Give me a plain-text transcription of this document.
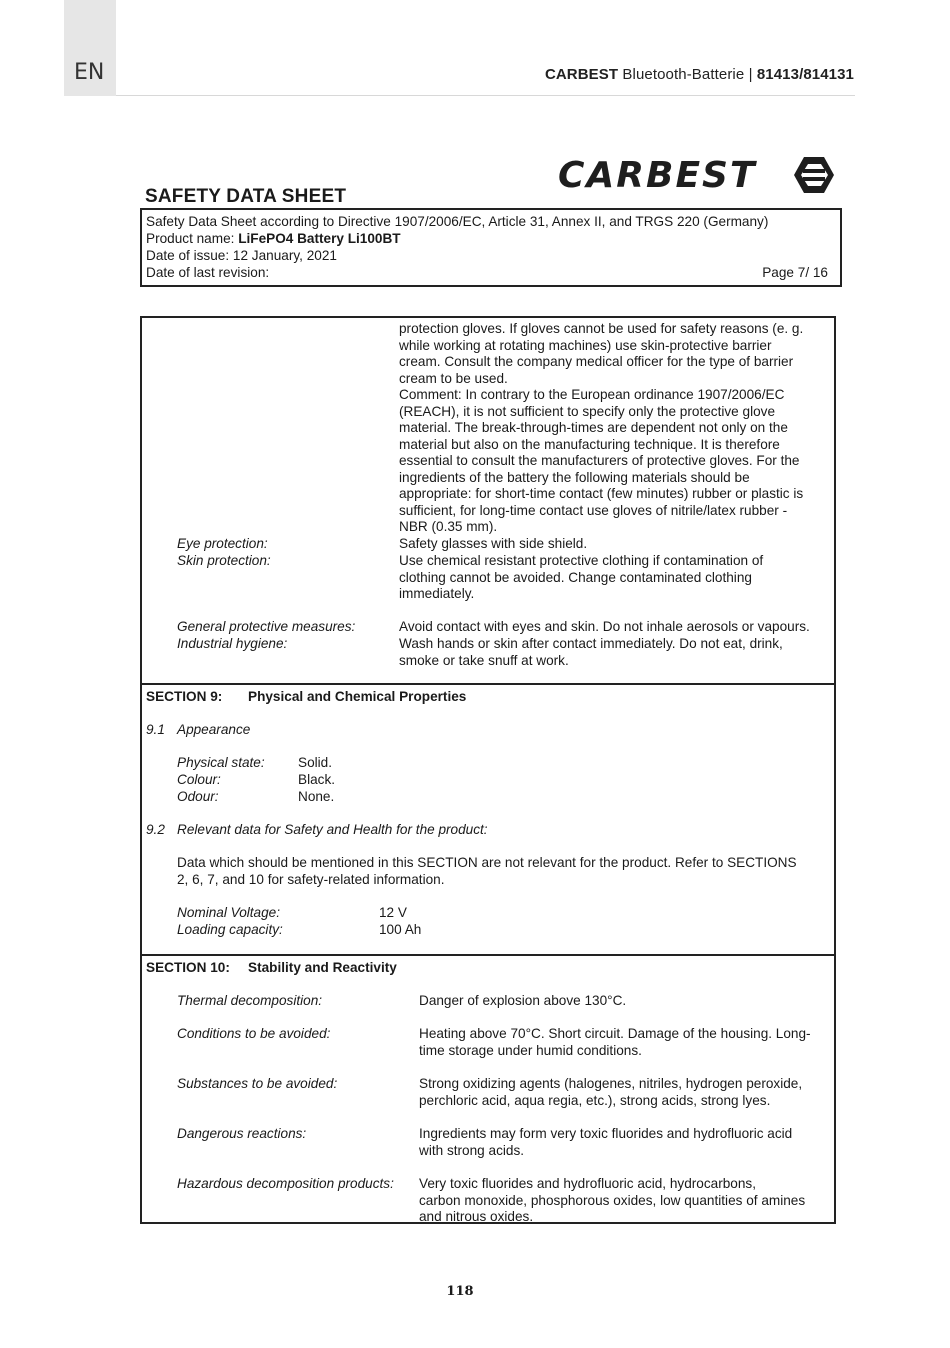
EN	CARBEST Bluetooth-Batterie | 81413/814131
CARBEST
SAFETY DATA SHEET
Safety Data Sheet according to Directive 1907/2006/EC, Article 31, Annex II, and TRGS 220 (Germany)
Product name: LiFePO4 Battery Li100BT
Date of issue: 12 January, 2021
Date of last revision:	Page 7/ 16
protection gloves. If gloves cannot be used for safety reasons (e. g.
while working at rotating machines) use skin-protective barrier
cream. Consult the company medical officer for the type of barrier
cream to be used.
Comment: In contrary to the European ordinance 1907/2006/EC
(REACH), it is not sufficient to specify only the protective glove
material. The break-through-times are dependent not only on the
material but also on the manufacturing technique. It is therefore
essential to consult the manufacturers of protective gloves. For the
ingredients of the battery the following materials should be
appropriate: for short-time contact (few minutes) rubber or plastic is
sufficient, for long-time contact use gloves of nitrile/latex rubber -
NBR (0.35 mm).
Eye protection:	Safety glasses with side shield.
Skin protection:	Use chemical resistant protective clothing if contamination of
clothing cannot be avoided. Change contaminated clothing
immediately.
General protective measures:	Avoid contact with eyes and skin. Do not inhale aerosols or vapours.
Industrial hygiene:	Wash hands or skin after contact immediately. Do not eat, drink,
smoke or take snuff at work.
SECTION 9: Physical and Chemical Properties
9.1 Appearance
Physical state: Solid.
Colour:	Black.
Odour:	None.
9.2 Relevant data for Safety and Health for the product:
Data which should be mentioned in this SECTION are not relevant for the product. Refer to SECTIONS
2, 6, 7, and 10 for safety-related information.
Nominal Voltage:	12 V
Loading capacity:	100 Ah
SECTION 10: Stability and Reactivity
Thermal decomposition:	Danger of explosion above 130°C.
Conditions to be avoided:	Heating above 70°C. Short circuit. Damage of the housing. Long-
time storage under humid conditions.
Substances to be avoided:	Strong oxidizing agents (halogenes, nitriles, hydrogen peroxide,
perchloric acid, aqua regia, etc.), strong acids, strong lyes.
Dangerous reactions:	Ingredients may form very toxic fluorides and hydrofluoric acid
with strong acids.
Hazardous decomposition products: Very toxic fluorides and hydrofluoric acid, hydrocarbons,
carbon monoxide, phosphorous oxides, low quantities of amines
and nitrous oxides.
118
